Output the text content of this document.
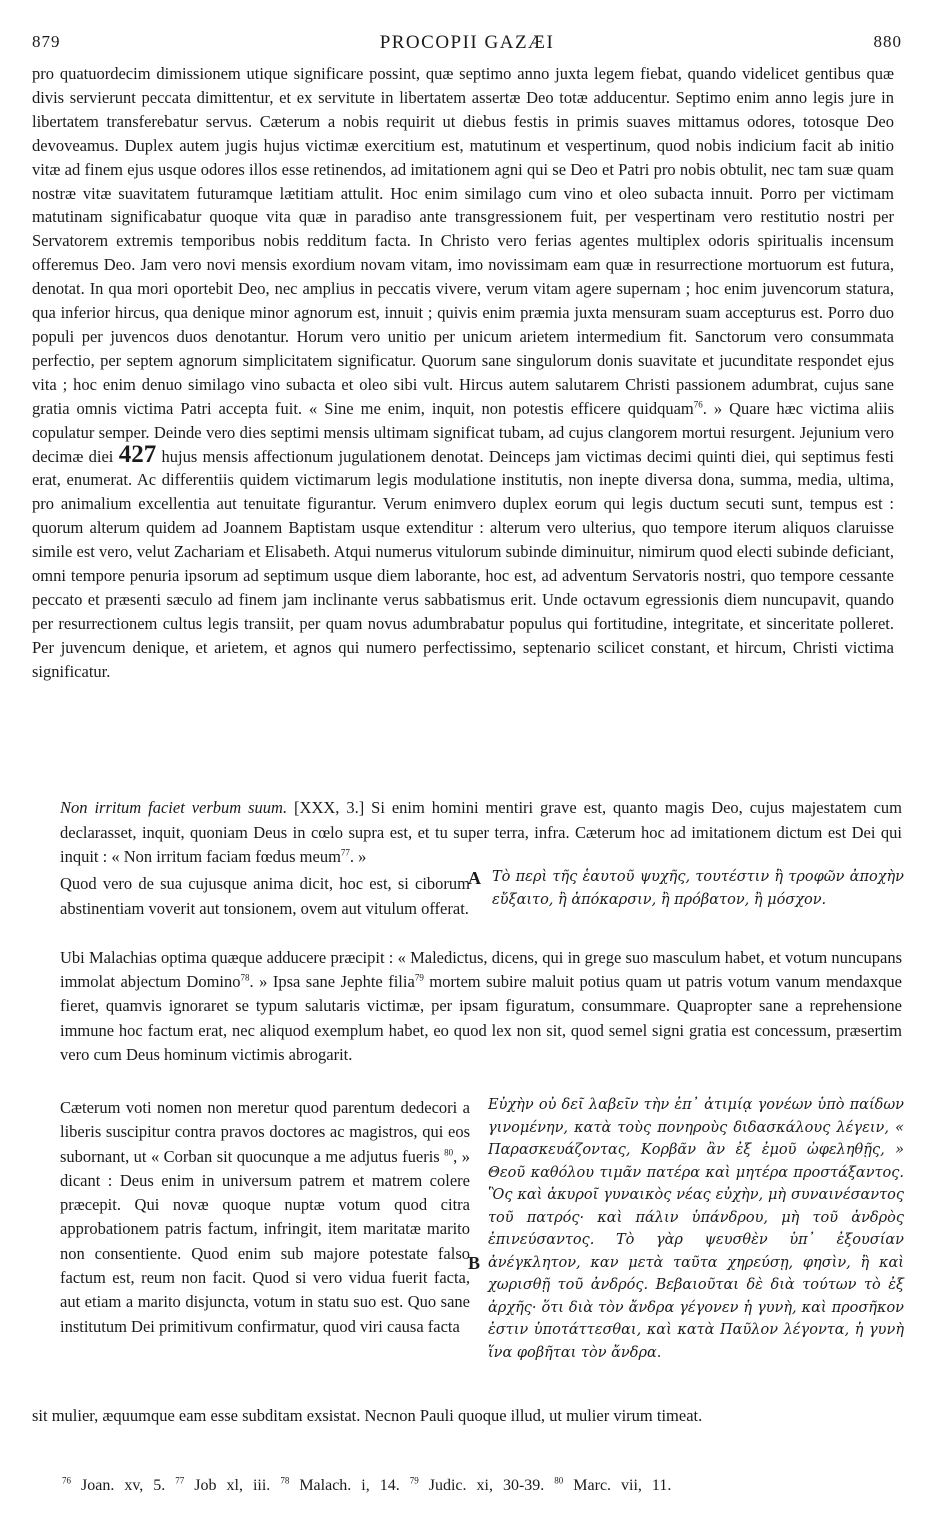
879	PROCOPII GAZÆI	880

pro quatuordecim dimissionem utique significare possint, quæ septimo anno juxta legem fiebat, quando videlicet gentibus quæ divis servierunt peccata dimittentur, et ex servitute in libertatem assertæ Deo totæ adducentur. Septimo enim anno legis jure in libertatem transferebatur servus. Cæterum a nobis requirit ut diebus festis in primis suaves mittamus odores, totosque Deo devoveamus. Duplex autem jugis hujus victimæ exercitium est, matutinum et vespertinum, quod nobis indicium facit ab initio vitæ ad finem ejus usque odores illos esse retinendos, ad imitationem agni qui se Deo et Patri pro nobis obtulit, nec tam suæ quam nostræ vitæ suavitatem futuramque lætitiam attulit. Hoc enim similago cum vino et oleo subacta innuit. Porro per victimam matutinam significabatur quoque vita quæ in paradiso ante transgressionem fuit, per vespertinam vero restitutio nostri per Servatorem extremis temporibus nobis redditum facta. In Christo vero ferias agentes multiplex odoris spiritualis incensum offeremus Deo. Jam vero novi mensis exordium novam vitam, imo novissimam eam quæ in resurrectione mortuorum est futura, denotat. In qua mori oportebit Deo, nec amplius in peccatis vivere, verum vitam agere supernam ; hoc enim juvencorum statura, qua inferior hircus, qua denique minor agnorum est, innuit ; quivis enim præmia juxta mensuram suam accepturus est. Porro duo populi per juvencos duos denotantur. Horum vero unitio per unicum arietem intermedium fit. Sanctorum vero consummata perfectio, per septem agnorum simplicitatem significatur. Quorum sane singulorum donis suavitate et jucunditate respondet ejus vita ; hoc enim denuo similago vino subacta et oleo sibi vult. Hircus autem salutarem Christi passionem adumbrat, cujus sane gratia omnis victima Patri accepta fuit. « Sine me enim, inquit, non potestis efficere quidquam$^{76}$. » Quare hæc victima aliis copulatur semper. Deinde vero dies septimi mensis ultimam significat tubam, ad cujus clangorem mortui resurgent. Jejunium vero decimæ diei 427 hujus mensis affectionum jugulationem denotat. Deinceps jam victimas decimi quinti diei, qui septimus festi erat, enumerat. Ac differentiis quidem victimarum legis modulatione institutis, non inepte diversa dona, summa, media, ultima, pro animalium excellentia aut tenuitate figurantur. Verum enimvero duplex eorum qui legis ductum secuti sunt, tempus est : quorum alterum quidem ad Joannem Baptistam usque extenditur : alterum vero ulterius, quo tempore iterum aliquos claruisse simile est vero, velut Zachariam et Elisabeth. Atqui numerus vitulorum subinde diminuitur, nimirum quod electi subinde deficiant, omni tempore penuria ipsorum ad septimum usque diem laborante, hoc est, ad adventum Servatoris nostri, quo tempore cessante peccato et præsenti sæculo ad finem jam inclinante verus sabbatismus erit. Unde octavum egressionis diem nuncupavit, quando per resurrectionem cultus legis transiit, per quam novus adumbrabatur populus qui fortitudine, integritate, et sinceritate polleret. Per juvencum denique, et arietem, et agnos qui numero perfectissimo, septenario scilicet constant, et hircum, Christi victima significatur.

Non irritum faciet verbum suum. [XXX, 3.] Si enim homini mentiri grave est, quanto magis Deo, cujus majestatem cum declarasset, inquit, quoniam Deus in cœlo supra est, et tu super terra, infra. Cæterum hoc ad imitationem dictum est Dei qui inquit : « Non irritum faciam fœdus meum$^{77}$. »

Quod vero de sua cujusque anima dicit, hoc est, si ciborum abstinentiam voverit aut tonsionem, ovem aut vitulum offerat.

A Τὸ περὶ τῆς ἑαυτοῦ ψυχῆς, τουτέστιν ἢ τροφῶν ἀποχὴν εὔξαιτο, ἢ ἀπόκαρσιν, ἢ πρόβατον, ἢ μόσχον.

Ubi Malachias optima quæque adducere præcipit : « Maledictus, dicens, qui in grege suo masculum habet, et votum nuncupans immolat abjectum Domino$^{78}$. » Ipsa sane Jephte filia$^{79}$ mortem subire maluit potius quam ut patris votum vanum mendaxque fieret, quamvis ignoraret se typum salutaris victimæ, per ipsam figuratum, consummare. Quapropter sane a reprehensione immune hoc factum erat, nec aliquod exemplum habet, eo quod lex non sit, quod semel signi gratia est concessum, præsertim vero cum Deus hominum victimis abrogarit.

Cæterum voti nomen non meretur quod parentum dedecori a liberis suscipitur contra pravos doctores ac magistros, qui eos subornant, ut « Corban sit quocunque a me adjutus fueris $^{80}$, » dicant : Deus enim in universum patrem et matrem colere præcepit. Qui novæ quoque nuptæ votum quod citra approbationem patris factum, infringit, item maritatæ marito non consentiente. Quod enim sub majore potestate falso factum est, reum non facit. Quod si vero vidua fuerit facta, aut etiam a marito disjuncta, votum in statu suo est. Quo sane institutum Dei primitivum confirmatur, quod viri causa facta

B

Εὐχὴν οὐ δεῖ λαβεῖν τὴν ἐπ᾽ ἀτιμίᾳ γονέων ὑπὸ παίδων γινομένην, κατὰ τοὺς πονηροὺς διδασκάλους λέγειν, « Παρασκευάζοντας, Κορβᾶν ἂν ἐξ ἐμοῦ ὠφεληθῇς, » Θεοῦ καθόλου τιμᾶν πατέρα καὶ μητέρα προστάξαντος. Ὃς καὶ ἀκυροῖ γυναικὸς νέας εὐχὴν, μὴ συναινέσαντος τοῦ πατρός· καὶ πάλιν ὑπάνδρου, μὴ τοῦ ἀνδρὸς ἐπινεύσαντος. Τὸ γὰρ ψευσθὲν ὑπ᾽ ἐξουσίαν ἀνέγκλητον, καν μετὰ ταῦτα χηρεύσῃ, φησὶν, ἢ καὶ χωρισθῇ τοῦ ἀνδρός. Βεβαιοῦται δὲ διὰ τούτων τὸ ἐξ ἀρχῆς· ὅτι διὰ τὸν ἄνδρα γέγονεν ἡ γυνὴ, καὶ προσῆκον ἐστιν ὑποτάττεσθαι, καὶ κατὰ Παῦλον λέγοντα, ἡ γυνὴ ἵνα φοβῆται τὸν ἄνδρα.

sit mulier, æquumque eam esse subditam exsistat. Necnon Pauli quoque illud, ut mulier virum timeat.

$^{76}$ Joan. xv, 5. $^{77}$ Job xl, iii. $^{78}$ Malach. i, 14. $^{79}$ Judic. xi, 30-39. $^{80}$ Marc. vii, 11.
